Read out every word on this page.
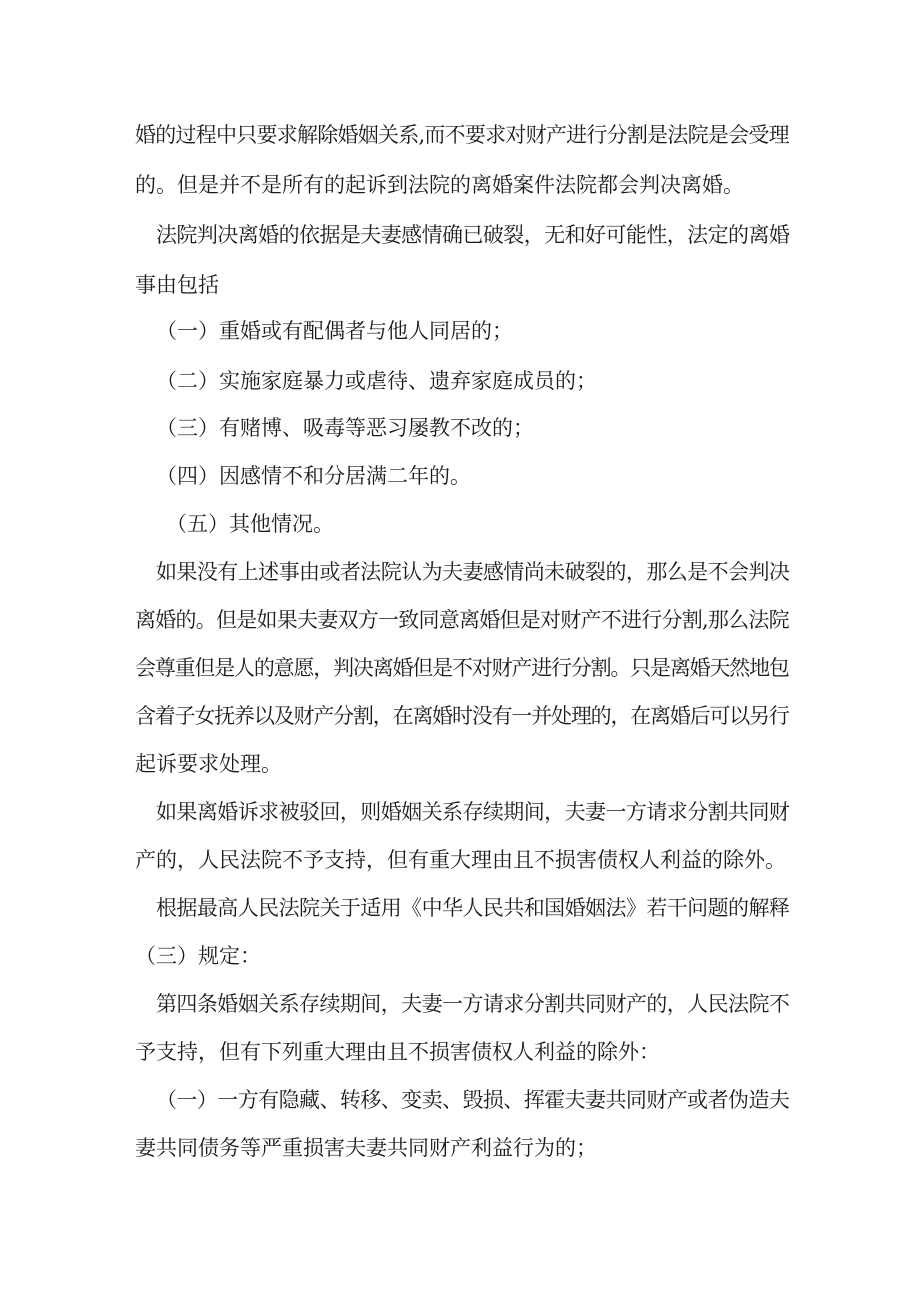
婚的过程中只要求解除婚姻关系,而不要求对财产进行分割是法院是会受理
的。但是并不是所有的起诉到法院的离婚案件法院都会判决离婚。
法院判决离婚的依据是夫妻感情确已破裂，无和好可能性，法定的离婚
事由包括
（一）重婚或有配偶者与他人同居的；
（二）实施家庭暴力或虐待、遗弃家庭成员的；
（三）有赌博、吸毒等恶习屡教不改的；
（四）因感情不和分居满二年的。
（五）其他情况。
如果没有上述事由或者法院认为夫妻感情尚未破裂的，那么是不会判决
离婚的。但是如果夫妻双方一致同意离婚但是对财产不进行分割,那么法院
会尊重但是人的意愿，判决离婚但是不对财产进行分割。只是离婚天然地包
含着子女抚养以及财产分割，在离婚时没有一并处理的，在离婚后可以另行
起诉要求处理。
如果离婚诉求被驳回，则婚姻关系存续期间，夫妻一方请求分割共同财
产的，人民法院不予支持，但有重大理由且不损害债权人利益的除外。
根据最高人民法院关于适用《中华人民共和国婚姻法》若干问题的解释
（三）规定：
第四条婚姻关系存续期间，夫妻一方请求分割共同财产的，人民法院不
予支持，但有下列重大理由且不损害债权人利益的除外：
（一）一方有隐藏、转移、变卖、毁损、挥霍夫妻共同财产或者伪造夫
妻共同债务等严重损害夫妻共同财产利益行为的；
